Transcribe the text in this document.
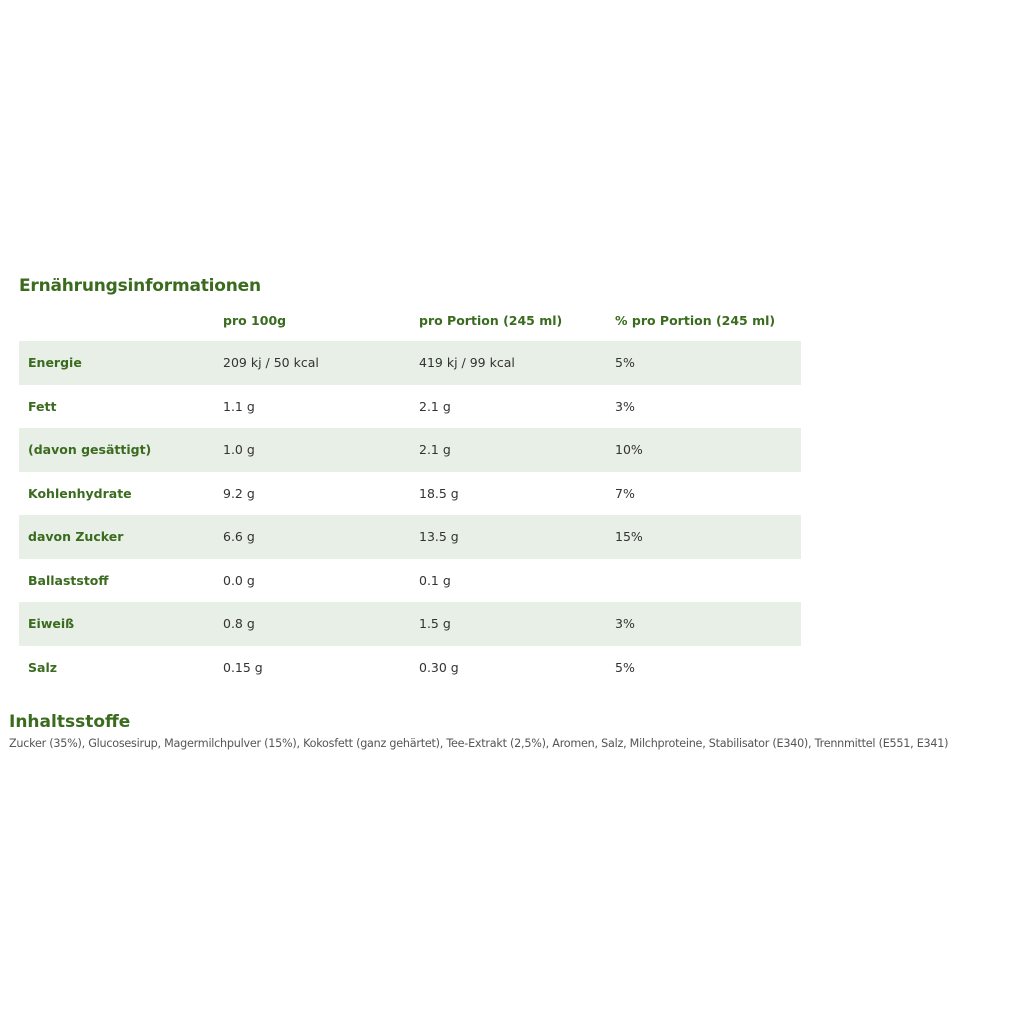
Ernährungsinformationen
	pro 100g	pro Portion (245 ml)	% pro Portion (245 ml)
Energie	209 kj / 50 kcal	419 kj / 99 kcal	5%
Fett	1.1 g	2.1 g	3%
(davon gesättigt)	1.0 g	2.1 g	10%
Kohlenhydrate	9.2 g	18.5 g	7%
davon Zucker	6.6 g	13.5 g	15%
Ballaststoff	0.0 g	0.1 g	
Eiweiß	0.8 g	1.5 g	3%
Salz	0.15 g	0.30 g	5%
Inhaltsstoffe

Zucker (35%), Glucosesirup, Magermilchpulver (15%), Kokosfett (ganz gehärtet), Tee-Extrakt (2,5%), Aromen, Salz, Milchproteine, Stabilisator (E340), Trennmittel (E551, E341)
